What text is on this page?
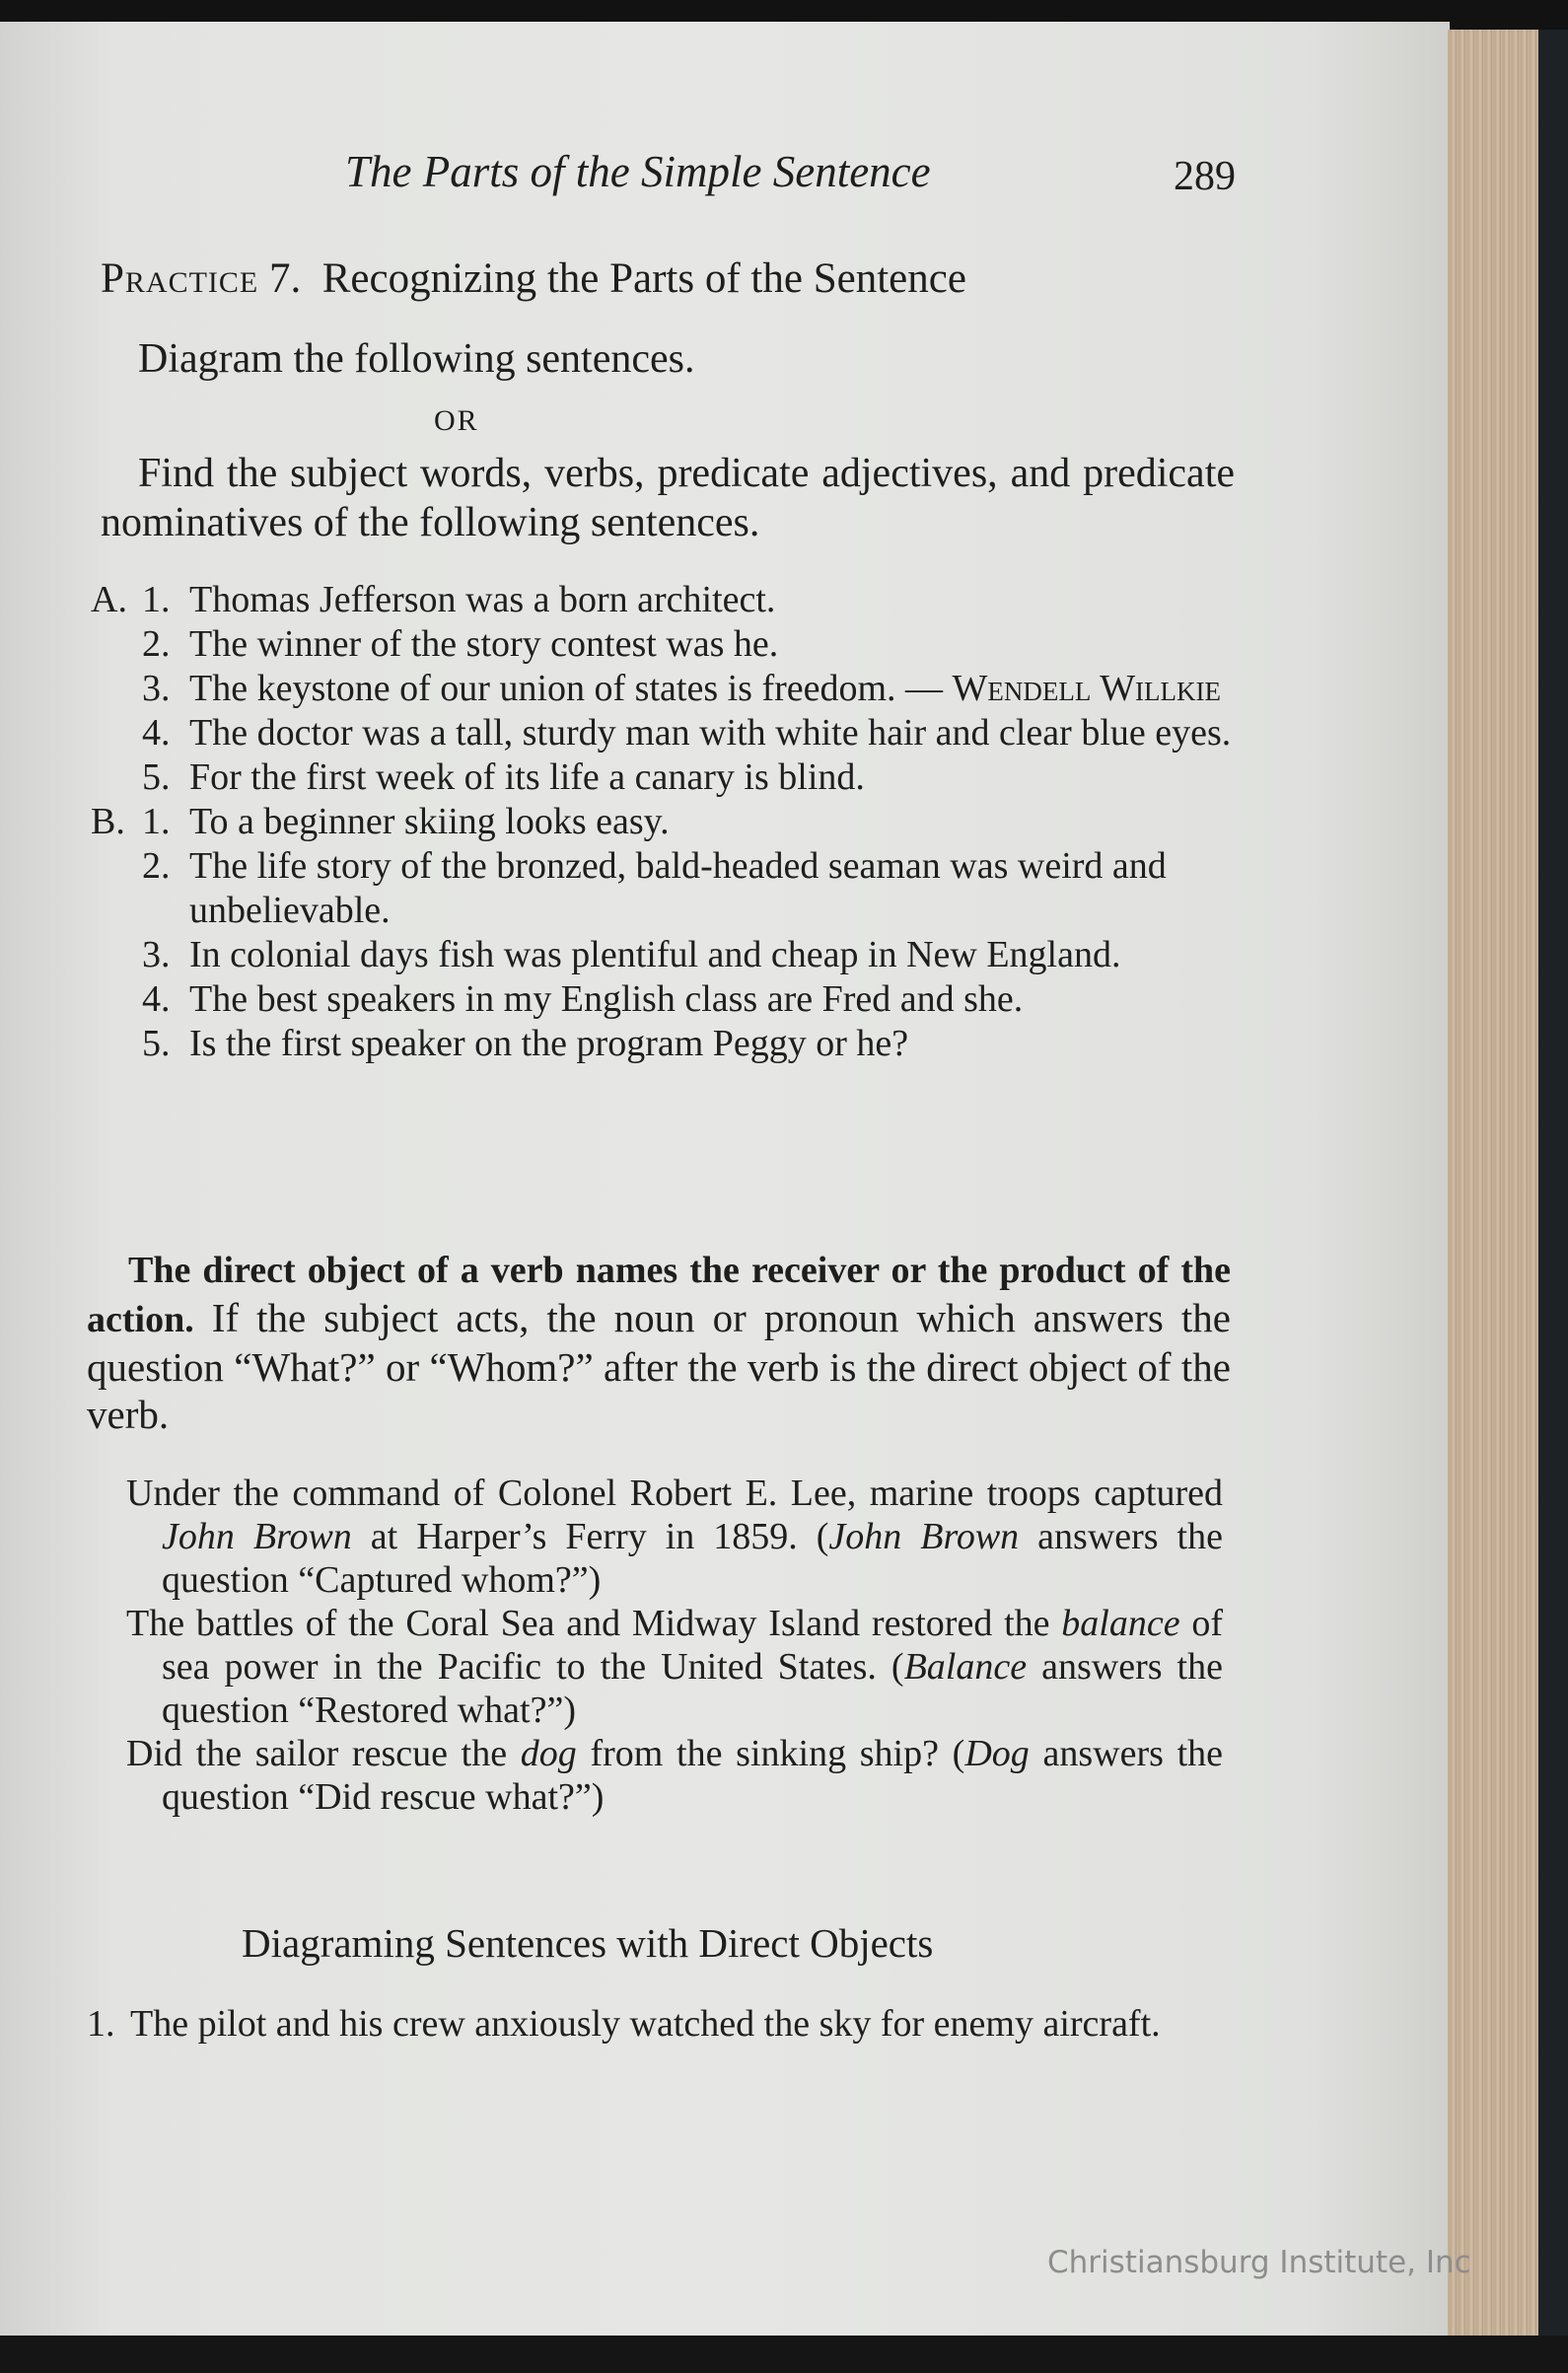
The Parts of the Simple Sentence	289
Practice 7. Recognizing the Parts of the Sentence
Diagram the following sentences.
OR
Find the subject words, verbs, predicate adjectives, and predicate nominatives of the following sentences.
A. 1. Thomas Jefferson was a born architect.
2. The winner of the story contest was he.
3. The keystone of our union of states is freedom. — Wendell Willkie
4. The doctor was a tall, sturdy man with white hair and clear blue eyes.
5. For the first week of its life a canary is blind.
B. 1. To a beginner skiing looks easy.
2. The life story of the bronzed, bald-headed seaman was weird and unbelievable.
3. In colonial days fish was plentiful and cheap in New England.
4. The best speakers in my English class are Fred and she.
5. Is the first speaker on the program Peggy or he?
The direct object of a verb names the receiver or the product of the action. If the subject acts, the noun or pronoun which answers the question “What?” or “Whom?” after the verb is the direct object of the verb.

Under the command of Colonel Robert E. Lee, marine troops captured John Brown at Harper’s Ferry in 1859. (John Brown answers the question “Captured whom?”)

The battles of the Coral Sea and Midway Island restored the balance of sea power in the Pacific to the United States. (Balance answers the question “Restored what?”)

Did the sailor rescue the dog from the sinking ship? (Dog answers the question “Did rescue what?”)

Diagraming Sentences with Direct Objects
1. The pilot and his crew anxiously watched the sky for enemy aircraft.
Christiansburg Institute, Inc
